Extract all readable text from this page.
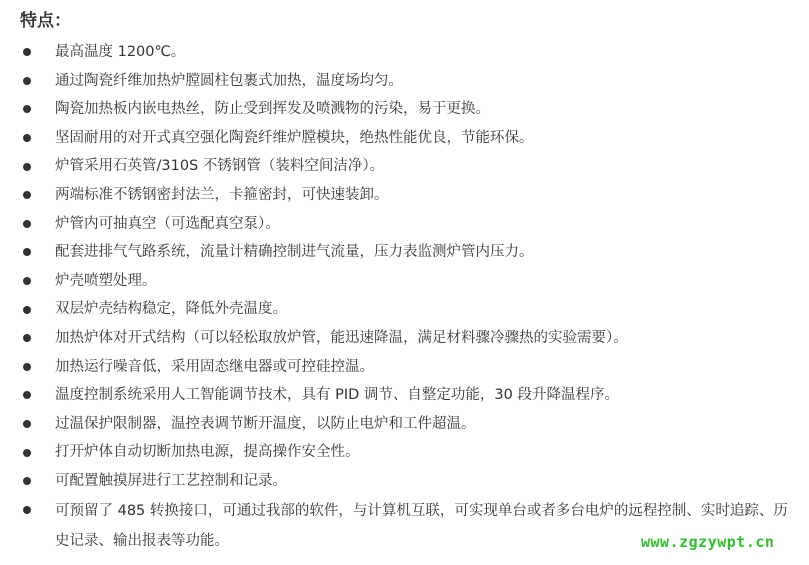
特点：
最高温度 1200℃。
通过陶瓷纤维加热炉膛圆柱包裹式加热，温度场均匀。
陶瓷加热板内嵌电热丝，防止受到挥发及喷溅物的污染，易于更换。
坚固耐用的对开式真空强化陶瓷纤维炉膛模块，绝热性能优良，节能环保。
炉管采用石英管/310S 不锈钢管（装料空间洁净）。
两端标准不锈钢密封法兰，卡箍密封，可快速装卸。
炉管内可抽真空（可选配真空泵）。
配套进排气气路系统，流量计精确控制进气流量，压力表监测炉管内压力。
炉壳喷塑处理。
双层炉壳结构稳定，降低外壳温度。
加热炉体对开式结构（可以轻松取放炉管，能迅速降温，满足材料骤冷骤热的实验需要）。
加热运行噪音低，采用固态继电器或可控硅控温。
温度控制系统采用人工智能调节技术，具有 PID 调节、自整定功能，30 段升降温程序。
过温保护限制器，温控表调节断开温度，以防止电炉和工件超温。
打开炉体自动切断加热电源，提高操作安全性。
可配置触摸屏进行工艺控制和记录。
可预留了 485 转换接口，可通过我部的软件，与计算机互联，可实现单台或者多台电炉的远程控制、实时追踪、历史记录、输出报表等功能。	www.zgzywpt.cn
